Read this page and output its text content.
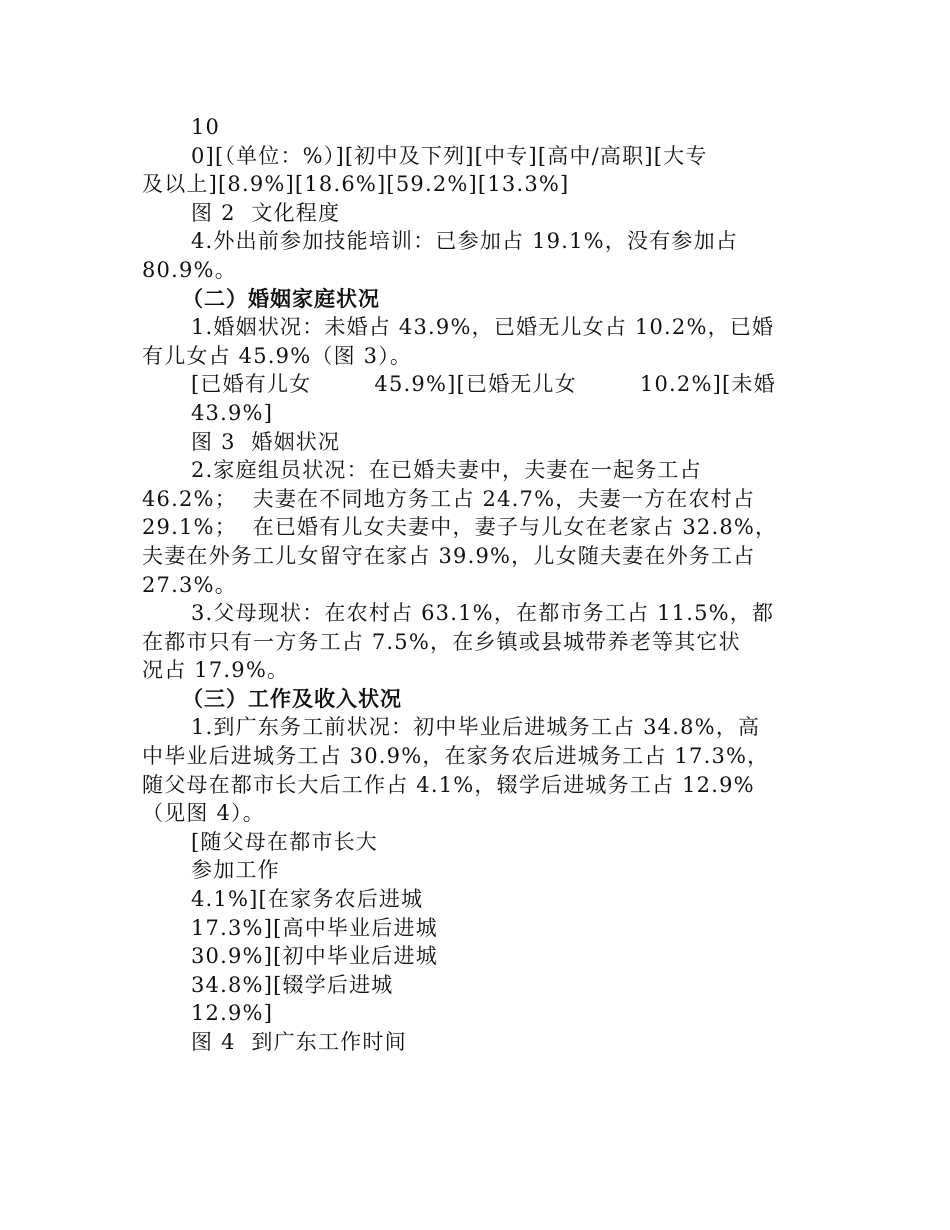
10
0][（单位：%）][初中及下列][中专][高中/高职][大专
及以上][8.9%][18.6%][59.2%][13.3%]
图 2  文化程度
4.外出前参加技能培训：已参加占 19.1%，没有参加占
80.9%。
（二）婚姻家庭状况
1.婚姻状况：未婚占 43.9%，已婚无儿女占 10.2%，已婚
有儿女占 45.9%（图 3）。
[已婚有儿女        45.9%][已婚无儿女        10.2%][未婚
43.9%]
图 3  婚姻状况
2.家庭组员状况：在已婚夫妻中，夫妻在一起务工占
46.2%；  夫妻在不同地方务工占 24.7%，夫妻一方在农村占
29.1%；  在已婚有儿女夫妻中，妻子与儿女在老家占 32.8%，
夫妻在外务工儿女留守在家占 39.9%，儿女随夫妻在外务工占
27.3%。
3.父母现状：在农村占 63.1%，在都市务工占 11.5%，都
在都市只有一方务工占 7.5%，在乡镇或县城带养老等其它状
况占 17.9%。
（三）工作及收入状况
1.到广东务工前状况：初中毕业后进城务工占 34.8%，高
中毕业后进城务工占 30.9%，在家务农后进城务工占 17.3%，
随父母在都市长大后工作占 4.1%，辍学后进城务工占 12.9%
（见图 4）。
[随父母在都市长大
参加工作
4.1%][在家务农后进城
17.3%][高中毕业后进城
30.9%][初中毕业后进城
34.8%][辍学后进城
12.9%]
图 4  到广东工作时间
